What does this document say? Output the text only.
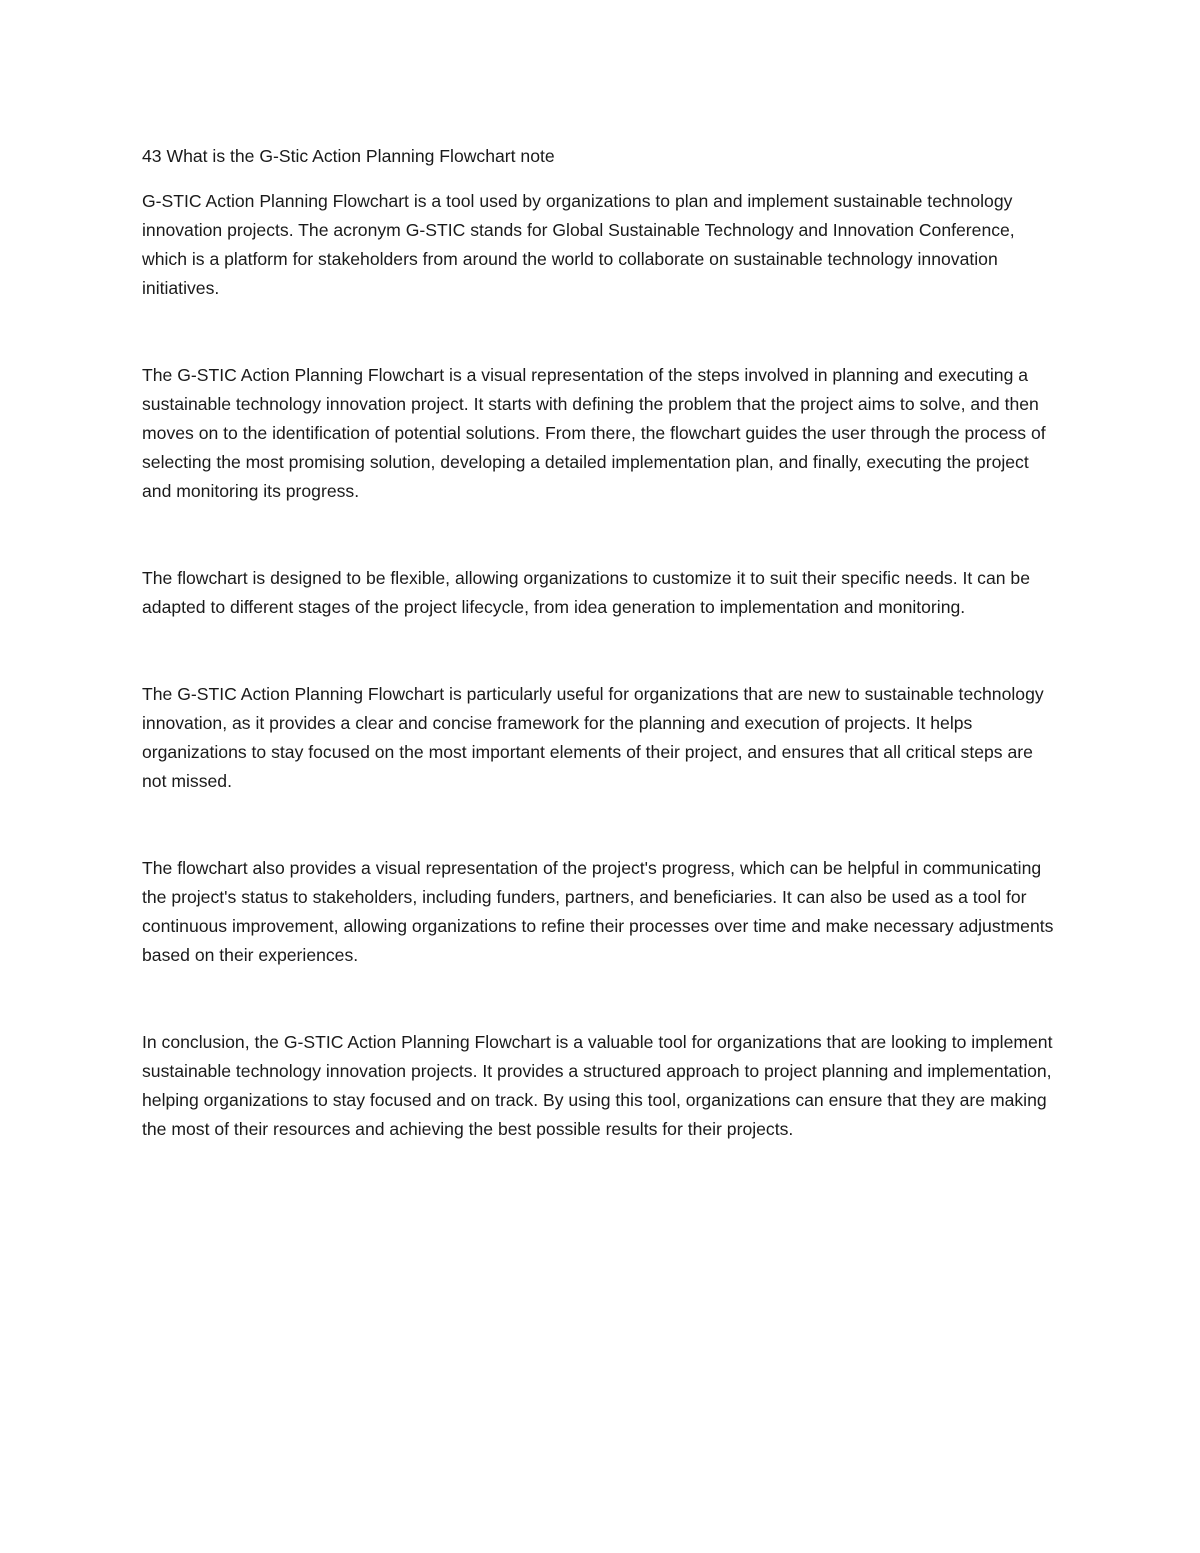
43 What is the G-Stic Action Planning Flowchart note

G-STIC Action Planning Flowchart is a tool used by organizations to plan and implement sustainable technology innovation projects. The acronym G-STIC stands for Global Sustainable Technology and Innovation Conference, which is a platform for stakeholders from around the world to collaborate on sustainable technology innovation initiatives.

The G-STIC Action Planning Flowchart is a visual representation of the steps involved in planning and executing a sustainable technology innovation project. It starts with defining the problem that the project aims to solve, and then moves on to the identification of potential solutions. From there, the flowchart guides the user through the process of selecting the most promising solution, developing a detailed implementation plan, and finally, executing the project and monitoring its progress.

The flowchart is designed to be flexible, allowing organizations to customize it to suit their specific needs. It can be adapted to different stages of the project lifecycle, from idea generation to implementation and monitoring.

The G-STIC Action Planning Flowchart is particularly useful for organizations that are new to sustainable technology innovation, as it provides a clear and concise framework for the planning and execution of projects. It helps organizations to stay focused on the most important elements of their project, and ensures that all critical steps are not missed.

The flowchart also provides a visual representation of the project's progress, which can be helpful in communicating the project's status to stakeholders, including funders, partners, and beneficiaries. It can also be used as a tool for continuous improvement, allowing organizations to refine their processes over time and make necessary adjustments based on their experiences.

In conclusion, the G-STIC Action Planning Flowchart is a valuable tool for organizations that are looking to implement sustainable technology innovation projects. It provides a structured approach to project planning and implementation, helping organizations to stay focused and on track. By using this tool, organizations can ensure that they are making the most of their resources and achieving the best possible results for their projects.
